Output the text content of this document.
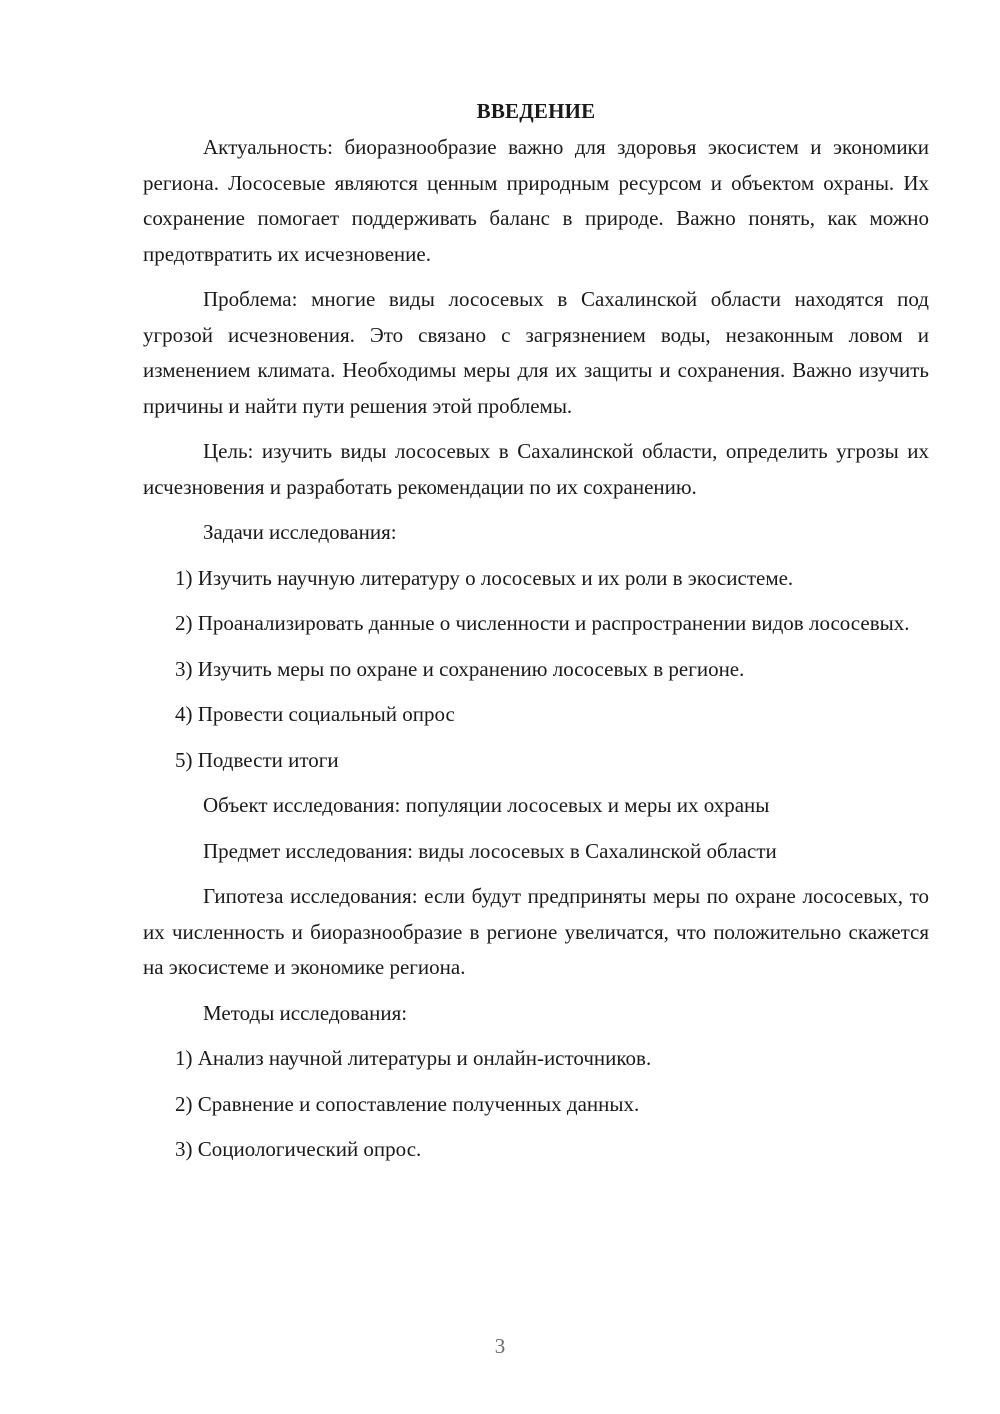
ВВЕДЕНИЕ

Актуальность: биоразнообразие важно для здоровья экосистем и экономики региона. Лососевые являются ценным природным ресурсом и объектом охраны. Их сохранение помогает поддерживать баланс в природе. Важно понять, как можно предотвратить их исчезновение.

Проблема: многие виды лососевых в Сахалинской области находятся под угрозой исчезновения. Это связано с загрязнением воды, незаконным ловом и изменением климата. Необходимы меры для их защиты и сохранения. Важно изучить причины и найти пути решения этой проблемы.

Цель: изучить виды лососевых в Сахалинской области, определить угрозы их исчезновения и разработать рекомендации по их сохранению.

Задачи исследования:

1) Изучить научную литературу о лососевых и их роли в экосистеме.

2) Проанализировать данные о численности и распространении видов лососевых.

3) Изучить меры по охране и сохранению лососевых в регионе.

4) Провести социальный опрос

5) Подвести итоги

Объект исследования: популяции лососевых и меры их охраны

Предмет исследования: виды лососевых в Сахалинской области

Гипотеза исследования: если будут предприняты меры по охране лососевых, то их численность и биоразнообразие в регионе увеличатся, что положительно скажется на экосистеме и экономике региона.

Методы исследования:

1) Анализ научной литературы и онлайн-источников.

2) Сравнение и сопоставление полученных данных.

3) Социологический опрос.

3
